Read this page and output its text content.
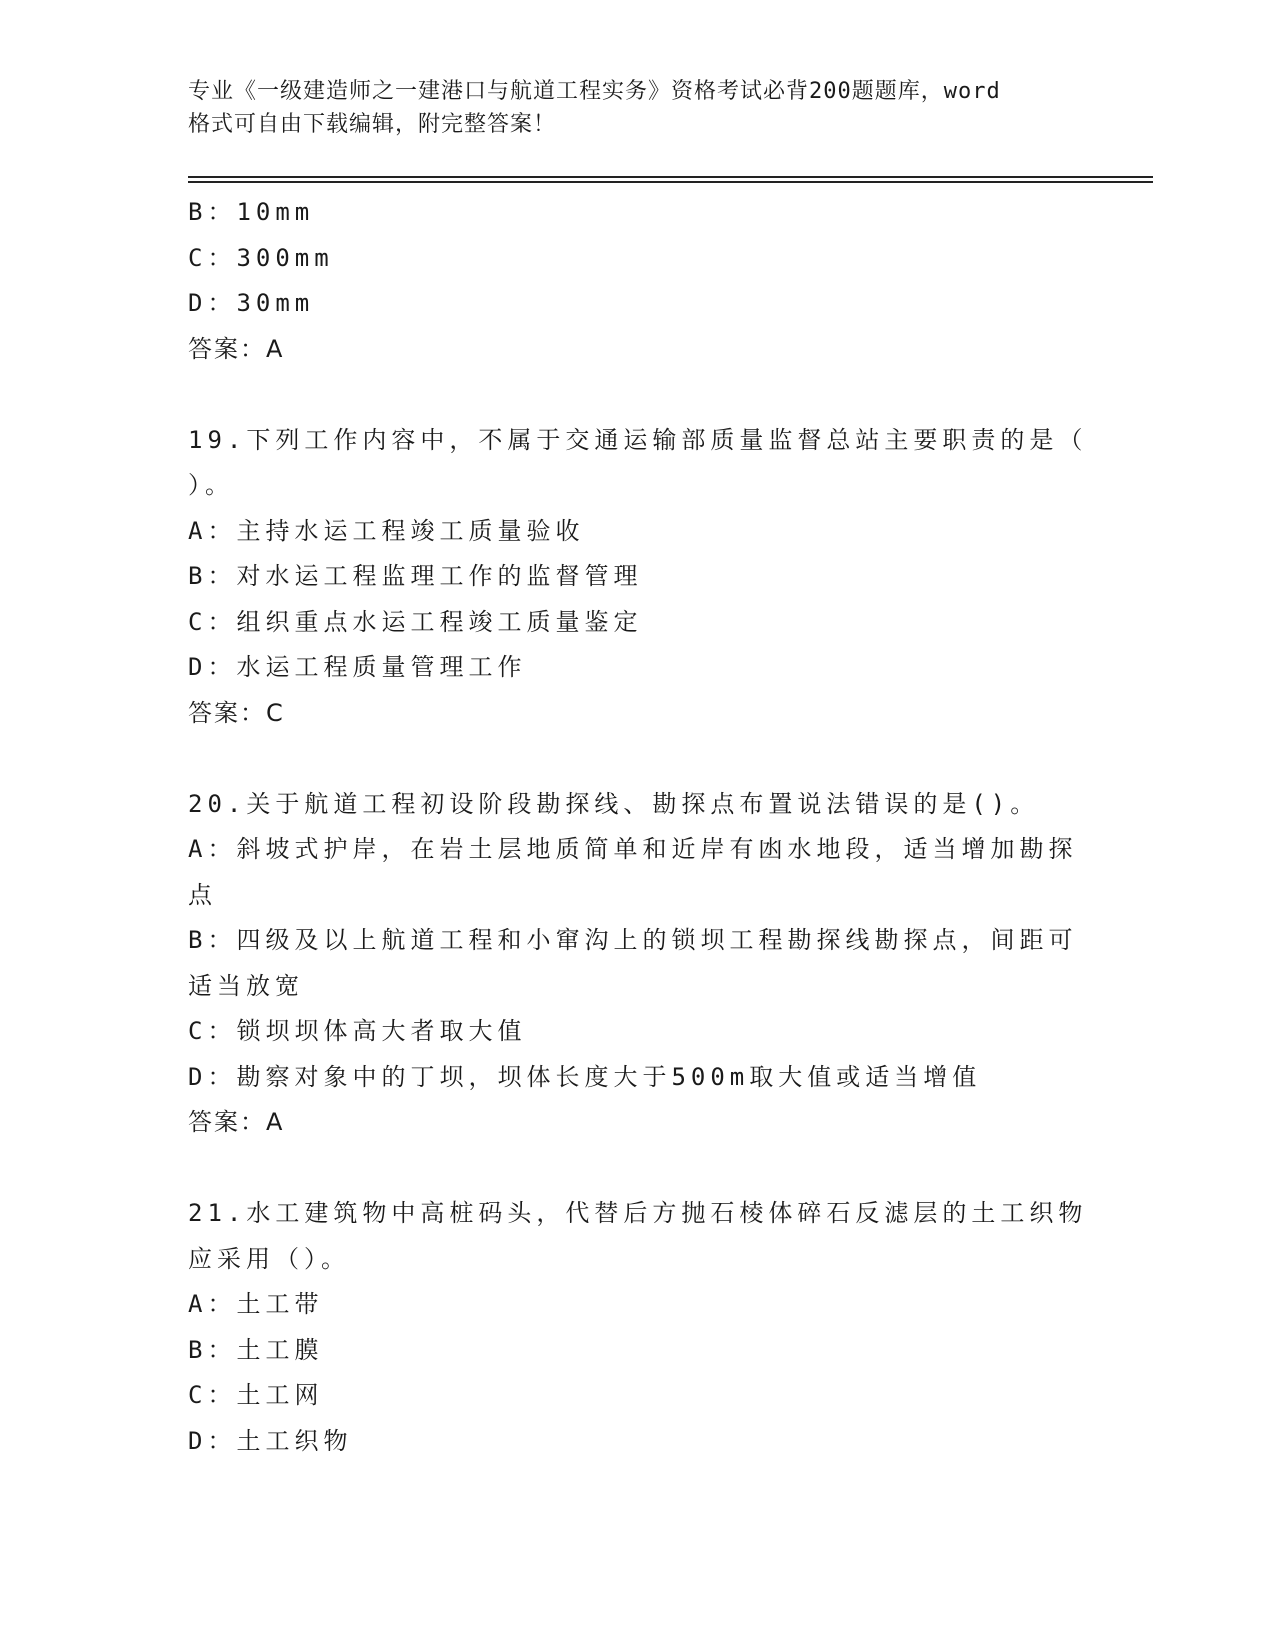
专业《一级建造师之一建港口与航道工程实务》资格考试必背200题题库，word
格式可自由下载编辑，附完整答案！
B：10mm
C：300mm
D：30mm
答案：A
19.下列工作内容中，不属于交通运输部质量监督总站主要职责的是（
）。
A：主持水运工程竣工质量验收
B：对水运工程监理工作的监督管理
C：组织重点水运工程竣工质量鉴定
D：水运工程质量管理工作
答案：C
20.关于航道工程初设阶段勘探线、勘探点布置说法错误的是()。
A：斜坡式护岸，在岩土层地质简单和近岸有凼水地段，适当增加勘探
点
B：四级及以上航道工程和小窜沟上的锁坝工程勘探线勘探点，间距可
适当放宽
C：锁坝坝体高大者取大值
D：勘察对象中的丁坝，坝体长度大于500m取大值或适当增值
答案：A
21.水工建筑物中高桩码头，代替后方抛石棱体碎石反滤层的土工织物
应采用（）。
A：土工带
B：土工膜
C：土工网
D：土工织物
